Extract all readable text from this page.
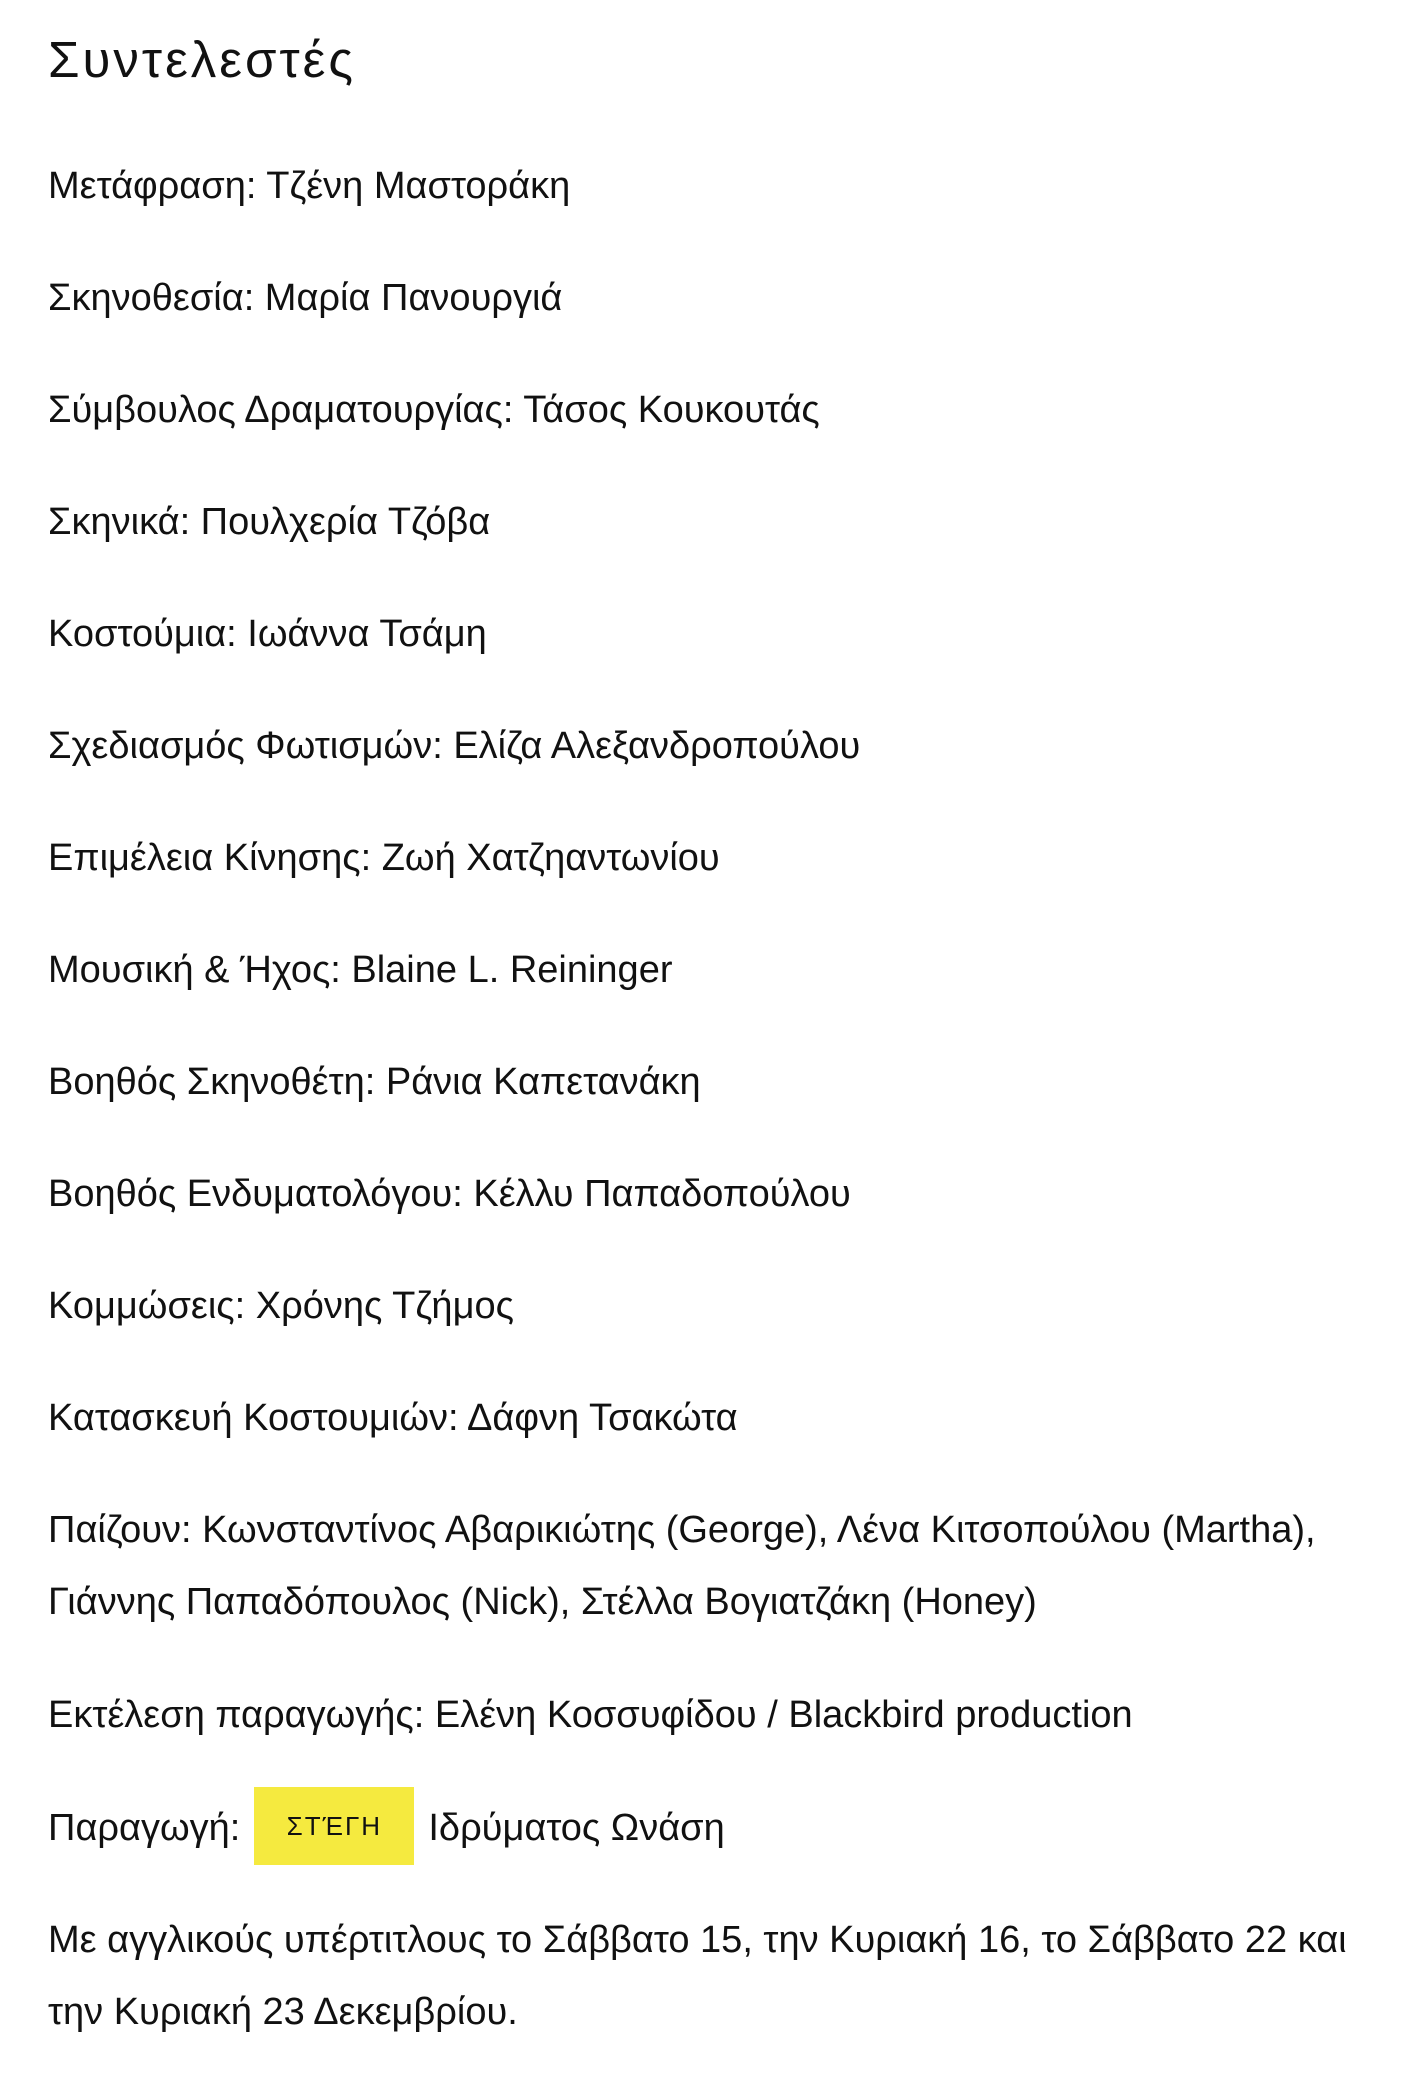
Συντελεστές

Μετάφραση: Τζένη Μαστοράκη

Σκηνοθεσία: Μαρία Πανουργιά

Σύμβουλος Δραματουργίας: Τάσος Κουκουτάς

Σκηνικά: Πουλχερία Τζόβα

Κοστούμια: Ιωάννα Τσάμη

Σχεδιασμός Φωτισμών: Ελίζα Αλεξανδροπούλου

Επιμέλεια Κίνησης: Ζωή Χατζηαντωνίου

Μουσική & Ήχος: Blaine L. Reininger

Βοηθός Σκηνοθέτη: Ράνια Καπετανάκη

Βοηθός Ενδυματολόγου: Κέλλυ Παπαδοπούλου

Κομμώσεις: Χρόνης Τζήμος

Κατασκευή Κοστουμιών: Δάφνη Τσακώτα

Παίζουν: Κωνσταντίνος Αβαρικιώτης (George), Λένα Κιτσοπούλου (Martha), Γιάννης Παπαδόπουλος (Nick), Στέλλα Βογιατζάκη (Honey)

Εκτέλεση παραγωγής: Ελένη Κοσσυφίδου / Blackbird production

Παραγωγή: ΣΤΈΓΗ Ιδρύματος Ωνάση

Με αγγλικούς υπέρτιτλους το Σάββατο 15, την Κυριακή 16, το Σάββατο 22 και την Κυριακή 23 Δεκεμβρίου.
